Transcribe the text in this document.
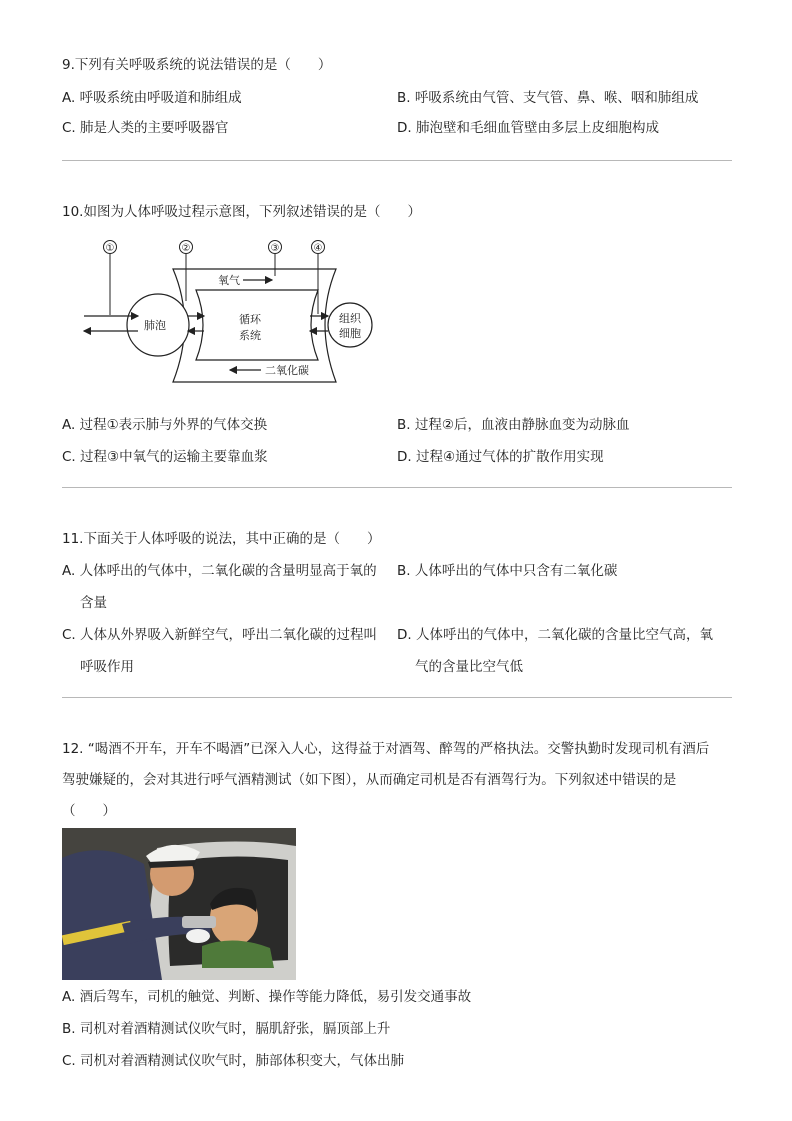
9.下列有关呼吸系统的说法错误的是（　　）
A. 呼吸系统由呼吸道和肺组成	B. 呼吸系统由气管、支气管、鼻、喉、咽和肺组成
C. 肺是人类的主要呼吸器官	D. 肺泡壁和毛细血管壁由多层上皮细胞构成
10.如图为人体呼吸过程示意图，下列叙述错误的是（　　）
①	②	③	④
肺泡	循环
系统
组织
细胞
氧气
二氧化碳
A. 过程①表示肺与外界的气体交换	B. 过程②后，血液由静脉血变为动脉血
C. 过程③中氧气的运输主要靠血浆	D. 过程④通过气体的扩散作用实现
11.下面关于人体呼吸的说法，其中正确的是（　　）
A. 人体呼出的气体中，二氧化碳的含量明显高于氧的
含量
B. 人体呼出的气体中只含有二氧化碳
C. 人体从外界吸入新鲜空气，呼出二氧化碳的过程叫
呼吸作用
D. 人体呼出的气体中，二氧化碳的含量比空气高，氧
气的含量比空气低
12. “喝酒不开车，开车不喝酒”已深入人心，这得益于对酒驾、醉驾的严格执法。交警执勤时发现司机有酒后
驾驶嫌疑的，会对其进行呼气酒精测试（如下图），从而确定司机是否有酒驾行为。下列叙述中错误的是
（　　）
A. 酒后驾车，司机的触觉、判断、操作等能力降低，易引发交通事故
B. 司机对着酒精测试仪吹气时，膈肌舒张，膈顶部上升
C. 司机对着酒精测试仪吹气时，肺部体积变大，气体出肺
